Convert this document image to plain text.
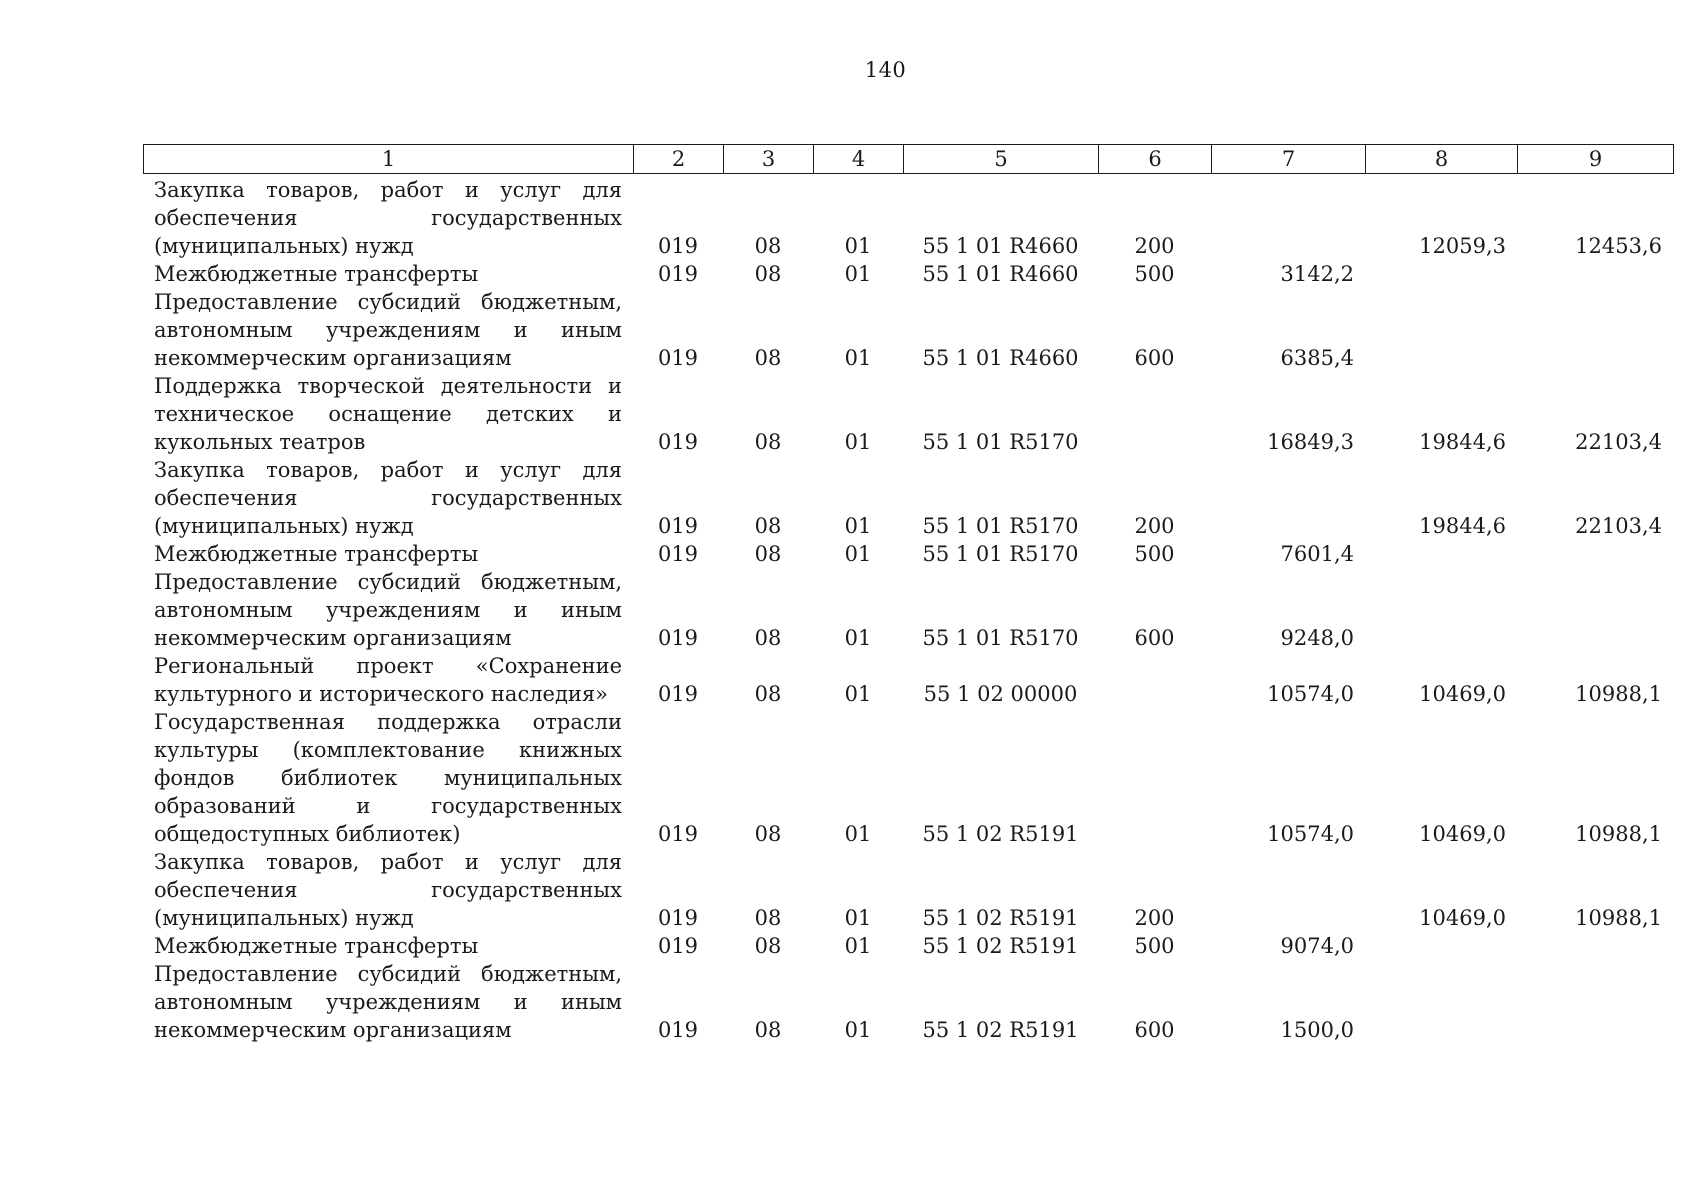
140
1	2	3	4	5	6	7	8	9
Закупка товаров, работ и услуг для обеспечения государственных (муниципальных) нужд	019	08	01	55 1 01 R4660	200		12059,3	12453,6
Межбюджетные трансферты	019	08	01	55 1 01 R4660	500	3142,2		
Предоставление субсидий бюджетным, автономным учреждениям и иным некоммерческим организациям	019	08	01	55 1 01 R4660	600	6385,4		
Поддержка творческой деятельности и техническое оснащение детских и кукольных театров	019	08	01	55 1 01 R5170		16849,3	19844,6	22103,4
Закупка товаров, работ и услуг для обеспечения государственных (муниципальных) нужд	019	08	01	55 1 01 R5170	200		19844,6	22103,4
Межбюджетные трансферты	019	08	01	55 1 01 R5170	500	7601,4		
Предоставление субсидий бюджетным, автономным учреждениям и иным некоммерческим организациям	019	08	01	55 1 01 R5170	600	9248,0		
Региональный проект «Сохранение культурного и исторического наследия»	019	08	01	55 1 02 00000		10574,0	10469,0	10988,1
Государственная поддержка отрасли культуры (комплектование книжных фондов библиотек муниципальных образований и государственных общедоступных библиотек)	019	08	01	55 1 02 R5191		10574,0	10469,0	10988,1
Закупка товаров, работ и услуг для обеспечения государственных (муниципальных) нужд	019	08	01	55 1 02 R5191	200		10469,0	10988,1
Межбюджетные трансферты	019	08	01	55 1 02 R5191	500	9074,0		
Предоставление субсидий бюджетным, автономным учреждениям и иным некоммерческим организациям	019	08	01	55 1 02 R5191	600	1500,0		
